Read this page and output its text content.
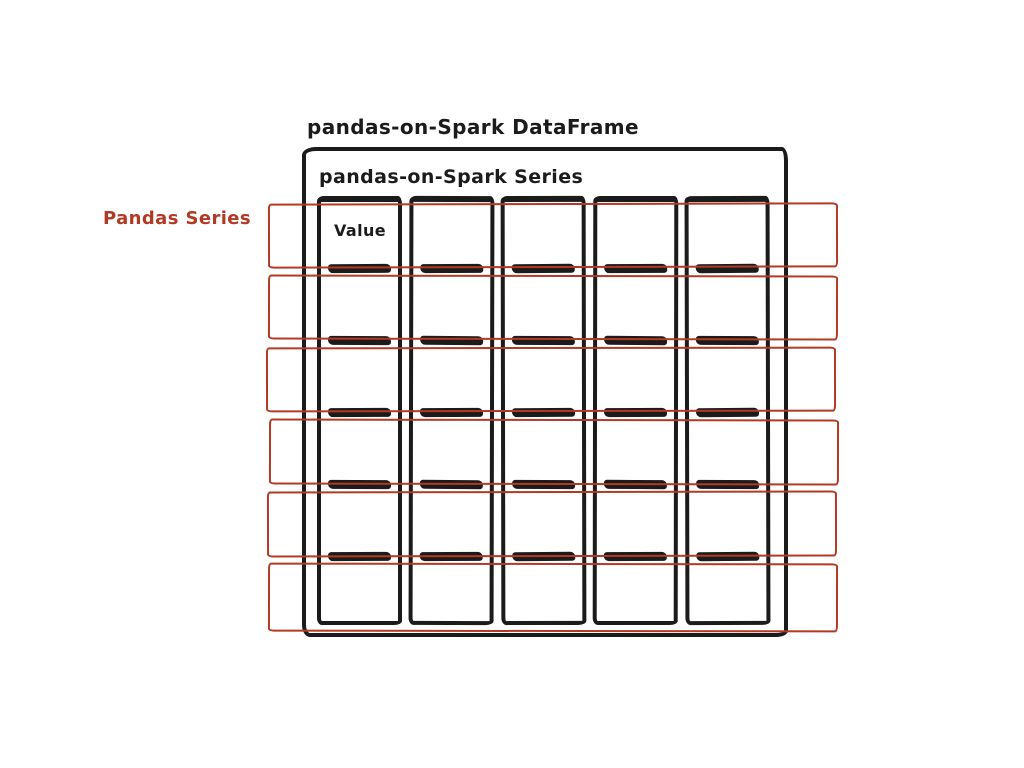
pandas-on-Spark DataFrame
Pandas Series
pandas-on-Spark Series
Value
